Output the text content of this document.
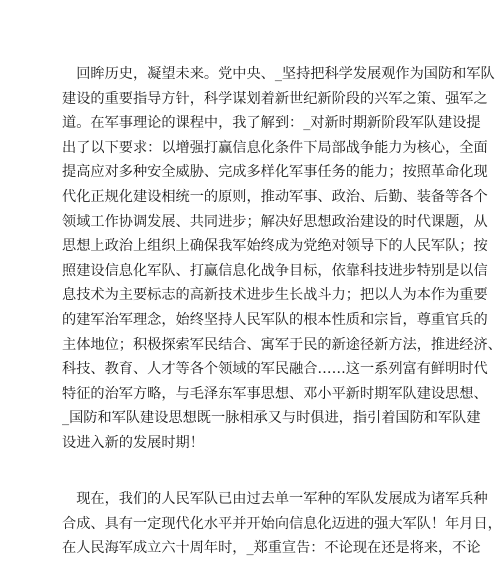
　回眸历史，凝望未来。党中央、_坚持把科学发展观作为国防和军队
建设的重要指导方针，科学谋划着新世纪新阶段的兴军之策、强军之
道。在军事理论的课程中，我了解到：_对新时期新阶段军队建设提
出了以下要求：以增强打赢信息化条件下局部战争能力为核心，全面
提高应对多种安全威胁、完成多样化军事任务的能力；按照革命化现
代化正规化建设相统一的原则，推动军事、政治、后勤、装备等各个
领域工作协调发展、共同进步；解决好思想政治建设的时代课题，从
思想上政治上组织上确保我军始终成为党绝对领导下的人民军队；按
照建设信息化军队、打赢信息化战争目标，依靠科技进步特别是以信
息技术为主要标志的高新技术进步生长战斗力；把以人为本作为重要
的建军治军理念，始终坚持人民军队的根本性质和宗旨，尊重官兵的
主体地位；积极探索军民结合、寓军于民的新途径新方法，推进经济、
科技、教育、人才等各个领域的军民融合……这一系列富有鲜明时代
特征的治军方略，与毛泽东军事思想、邓小平新时期军队建设思想、
_国防和军队建设思想既一脉相承又与时俱进，指引着国防和军队建
设进入新的发展时期！
　现在，我们的人民军队已由过去单一军种的军队发展成为诸军兵种
合成、具有一定现代化水平并开始向信息化迈进的强大军队！年月日，
在人民海军成立六十周年时，_郑重宣告：不论现在还是将来，不论
